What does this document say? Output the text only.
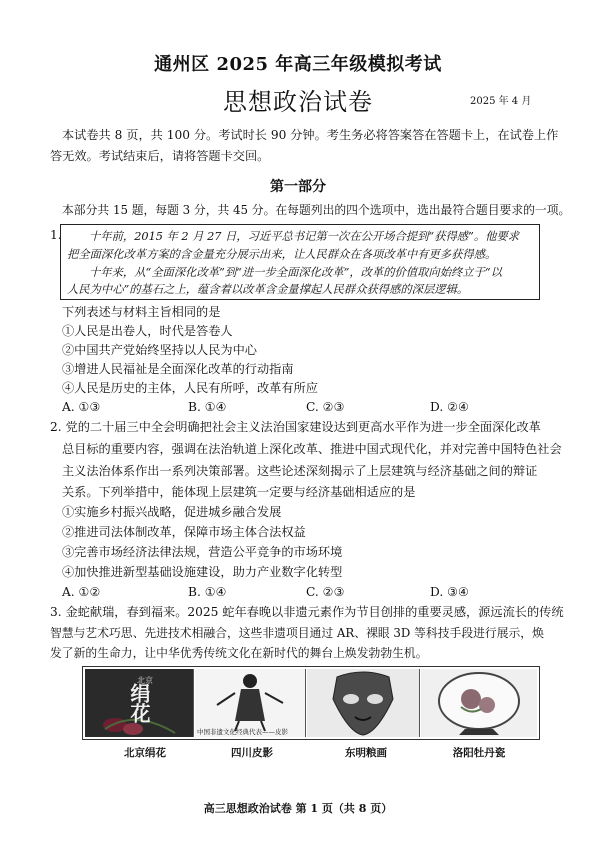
通州区 2025 年高三年级模拟考试
思想政治试卷	2025 年 4 月
本试卷共 8 页，共 100 分。考试时长 90 分钟。考生务必将答案答在答题卡上，在试卷上作
答无效。考试结束后，请将答题卡交回。
第一部分
本部分共 15 题，每题 3 分，共 45 分。在每题列出的四个选项中，选出最符合题目要求的一项。
1. 十年前，2015 年 2 月 27 日，习近平总书记第一次在公开场合提到“获得感”。他要求
把全面深化改革方案的含金量充分展示出来，让人民群众在各项改革中有更多获得感。
十年来，从“全面深化改革”到“进一步全面深化改革”，改革的价值取向始终立于“以
人民为中心”的基石之上，蕴含着以改革含金量撑起人民群众获得感的深层逻辑。
下列表述与材料主旨相同的是
①人民是出卷人，时代是答卷人
②中国共产党始终坚持以人民为中心
③增进人民福祉是全面深化改革的行动指南
④人民是历史的主体，人民有所呼，改革有所应
A. ①③	B. ①④	C. ②③	D. ②④
2. 党的二十届三中全会明确把社会主义法治国家建设达到更高水平作为进一步全面深化改革
总目标的重要内容，强调在法治轨道上深化改革、推进中国式现代化，并对完善中国特色社会
主义法治体系作出一系列决策部署。这些论述深刻揭示了上层建筑与经济基础之间的辩证
关系。下列举措中，能体现上层建筑一定要与经济基础相适应的是
①实施乡村振兴战略，促进城乡融合发展
②推进司法体制改革，保障市场主体合法权益
③完善市场经济法律法规，营造公平竞争的市场环境
④加快推进新型基础设施建设，助力产业数字化转型
A. ①②	B. ①④	C. ②③	D. ③④
3. 金蛇献瑞，春到福来。2025 蛇年春晚以非遗元素作为节目创排的重要灵感，源远流长的传统
智慧与艺术巧思、先进技术相融合，这些非遗项目通过 AR、裸眼 3D 等科技手段进行展示，焕
发了新的生命力，让中华优秀传统文化在新时代的舞台上焕发勃勃生机。
北京
绢花
中国非遗文化经典代表——皮影
北京绢花	四川皮影	东明粮画	洛阳牡丹瓷
高三思想政治试卷 第 1 页（共 8 页）
